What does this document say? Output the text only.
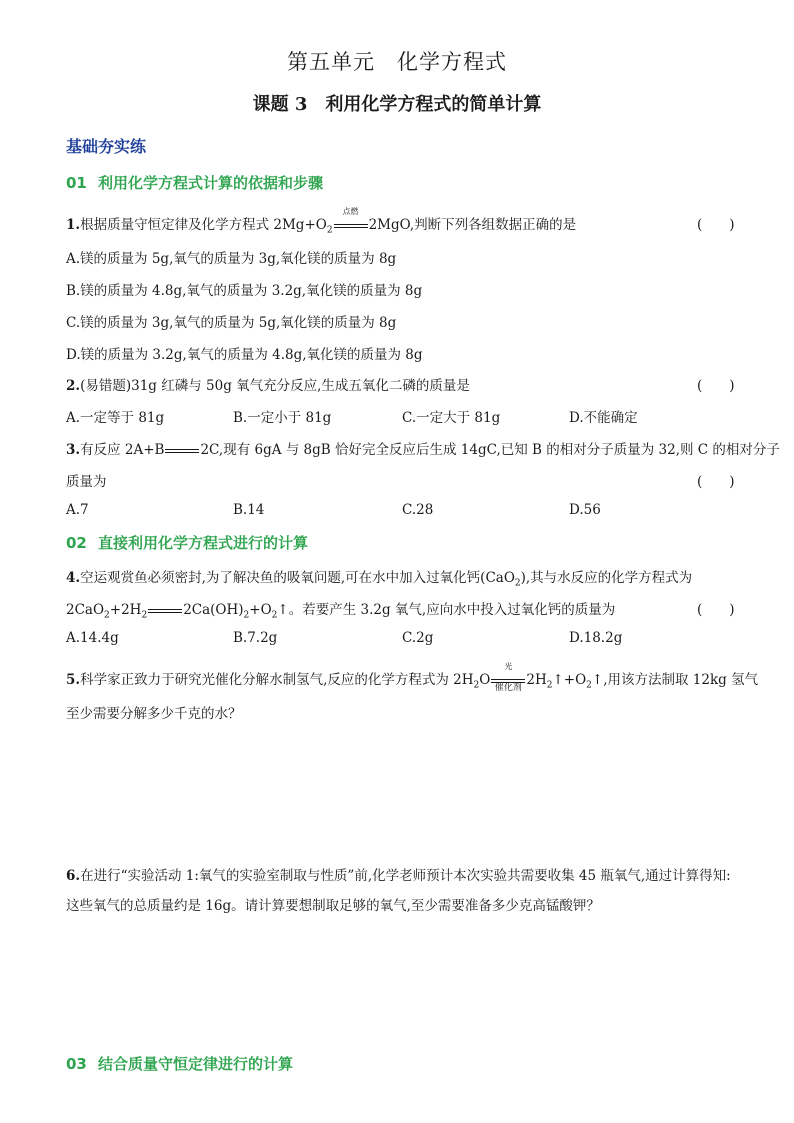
第五单元　化学方程式
课题 3　利用化学方程式的简单计算
基础夯实练
01 利用化学方程式计算的依据和步骤
1.根据质量守恒定律及化学方程式 $2Mg+O_2$
点燃
2MgO,判断下列各组数据正确的是	(　　)
A.镁的质量为 5g,氧气的质量为 3g,氧化镁的质量为 8g
B.镁的质量为 4.8g,氧气的质量为 3.2g,氧化镁的质量为 8g
C.镁的质量为 3g,氧气的质量为 5g,氧化镁的质量为 8g
D.镁的质量为 3.2g,氧气的质量为 4.8g,氧化镁的质量为 8g
2.(易错题)31g 红磷与 50g 氧气充分反应,生成五氧化二磷的质量是	(　　)
A.一定等于 81g	B.一定小于 81g	C.一定大于 81g	D.不能确定
3.有反应 2A+B	2C,现有 6gA 与 8gB 恰好完全反应后生成 14gC,已知 B 的相对分子质量为 32,则 C 的相对分子
质量为	(　　)
A.7	B.14	C.28	D.56
02 直接利用化学方程式进行的计算
4.空运观赏鱼必须密封,为了解决鱼的吸氧问题,可在水中加入过氧化钙(CaO$_2$),其与水反应的化学方程式为
$2CaO_2+2H_2$	$2Ca(OH)_2+O_2↑$。若要产生 3.2g 氧气,应向水中投入过氧化钙的质量为	(　　)
A.14.4g	B.7.2g	C.2g	D.18.2g
5.科学家正致力于研究光催化分解水制氢气,反应的化学方程式为 $2H_2O$
光
催化剂 $2H_2↑+O_2↑$,用该方法制取 12kg 氢气
至少需要分解多少千克的水？
6.在进行“实验活动 1:氧气的实验室制取与性质”前,化学老师预计本次实验共需要收集 45 瓶氧气,通过计算得知:
这些氧气的总质量约是 16g。请计算要想制取足够的氧气,至少需要准备多少克高锰酸钾？
03 结合质量守恒定律进行的计算
